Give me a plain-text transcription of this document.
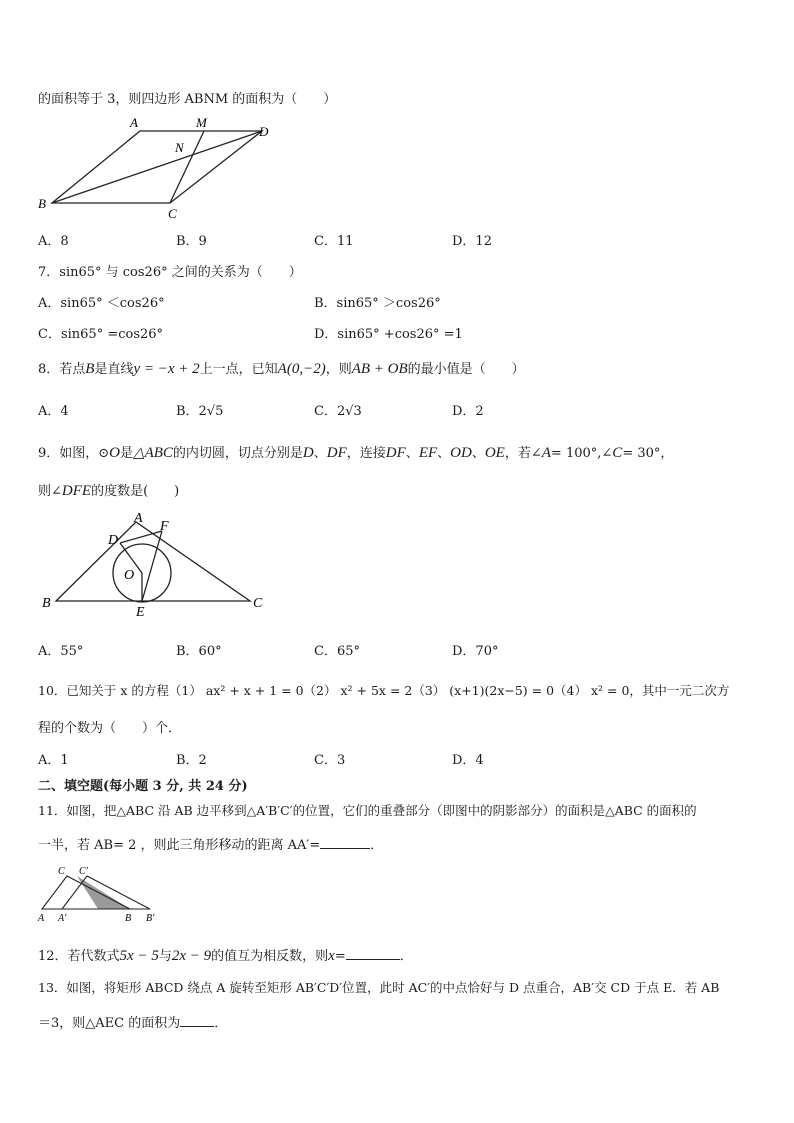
的面积等于 3，则四边形 ABNM 的面积为（　　）
A	M
D
N
B
C
A．8	B．9	C．11	D．12
7．sin65° 与 cos26° 之间的关系为（　　）
A．sin65° ＜cos26°	B．sin65° ＞cos26°
C．sin65° =cos26°	D．sin65° +cos26° =1
8．若点B是直线y = −x + 2上一点，已知A(0,−2)，则AB + OB的最小值是（　　）
A．4	B．2√5	C．2√3	D．2
9．如图，⊙O是△ABC的内切圆，切点分别是D、DF，连接DF、EF、OD、OE，若∠A= 100°,∠C= 30°，
则∠DFE的度数是(　　)
A
D
F
O
B
E
C
A．55°	B．60°	C．65°	D．70°
10．已知关于 x 的方程（1） ax² + x + 1 = 0（2） x² + 5x = 2（3） (x+1)(2x−5) = 0（4） x² = 0，其中一元二次方
程的个数为（　　）个．
A．1	B．2	C．3	D．4
二、填空题(每小题 3 分, 共 24 分)
11．如图，把△ABC 沿 AB 边平移到△A′B′C′的位置，它们的重叠部分（即图中的阴影部分）的面积是△ABC 的面积的
一半，若 AB= 2 ，则此三角形移动的距离 AA′=	．
C C′
A A′	B B′
12．若代数式5x − 5与2x − 9的值互为相反数，则x=	．
13．如图，将矩形 ABCD 绕点 A 旋转至矩形 AB′C′D′位置，此时 AC′的中点恰好与 D 点重合，AB′交 CD 于点 E．若 AB
＝3，则△AEC 的面积为	．
